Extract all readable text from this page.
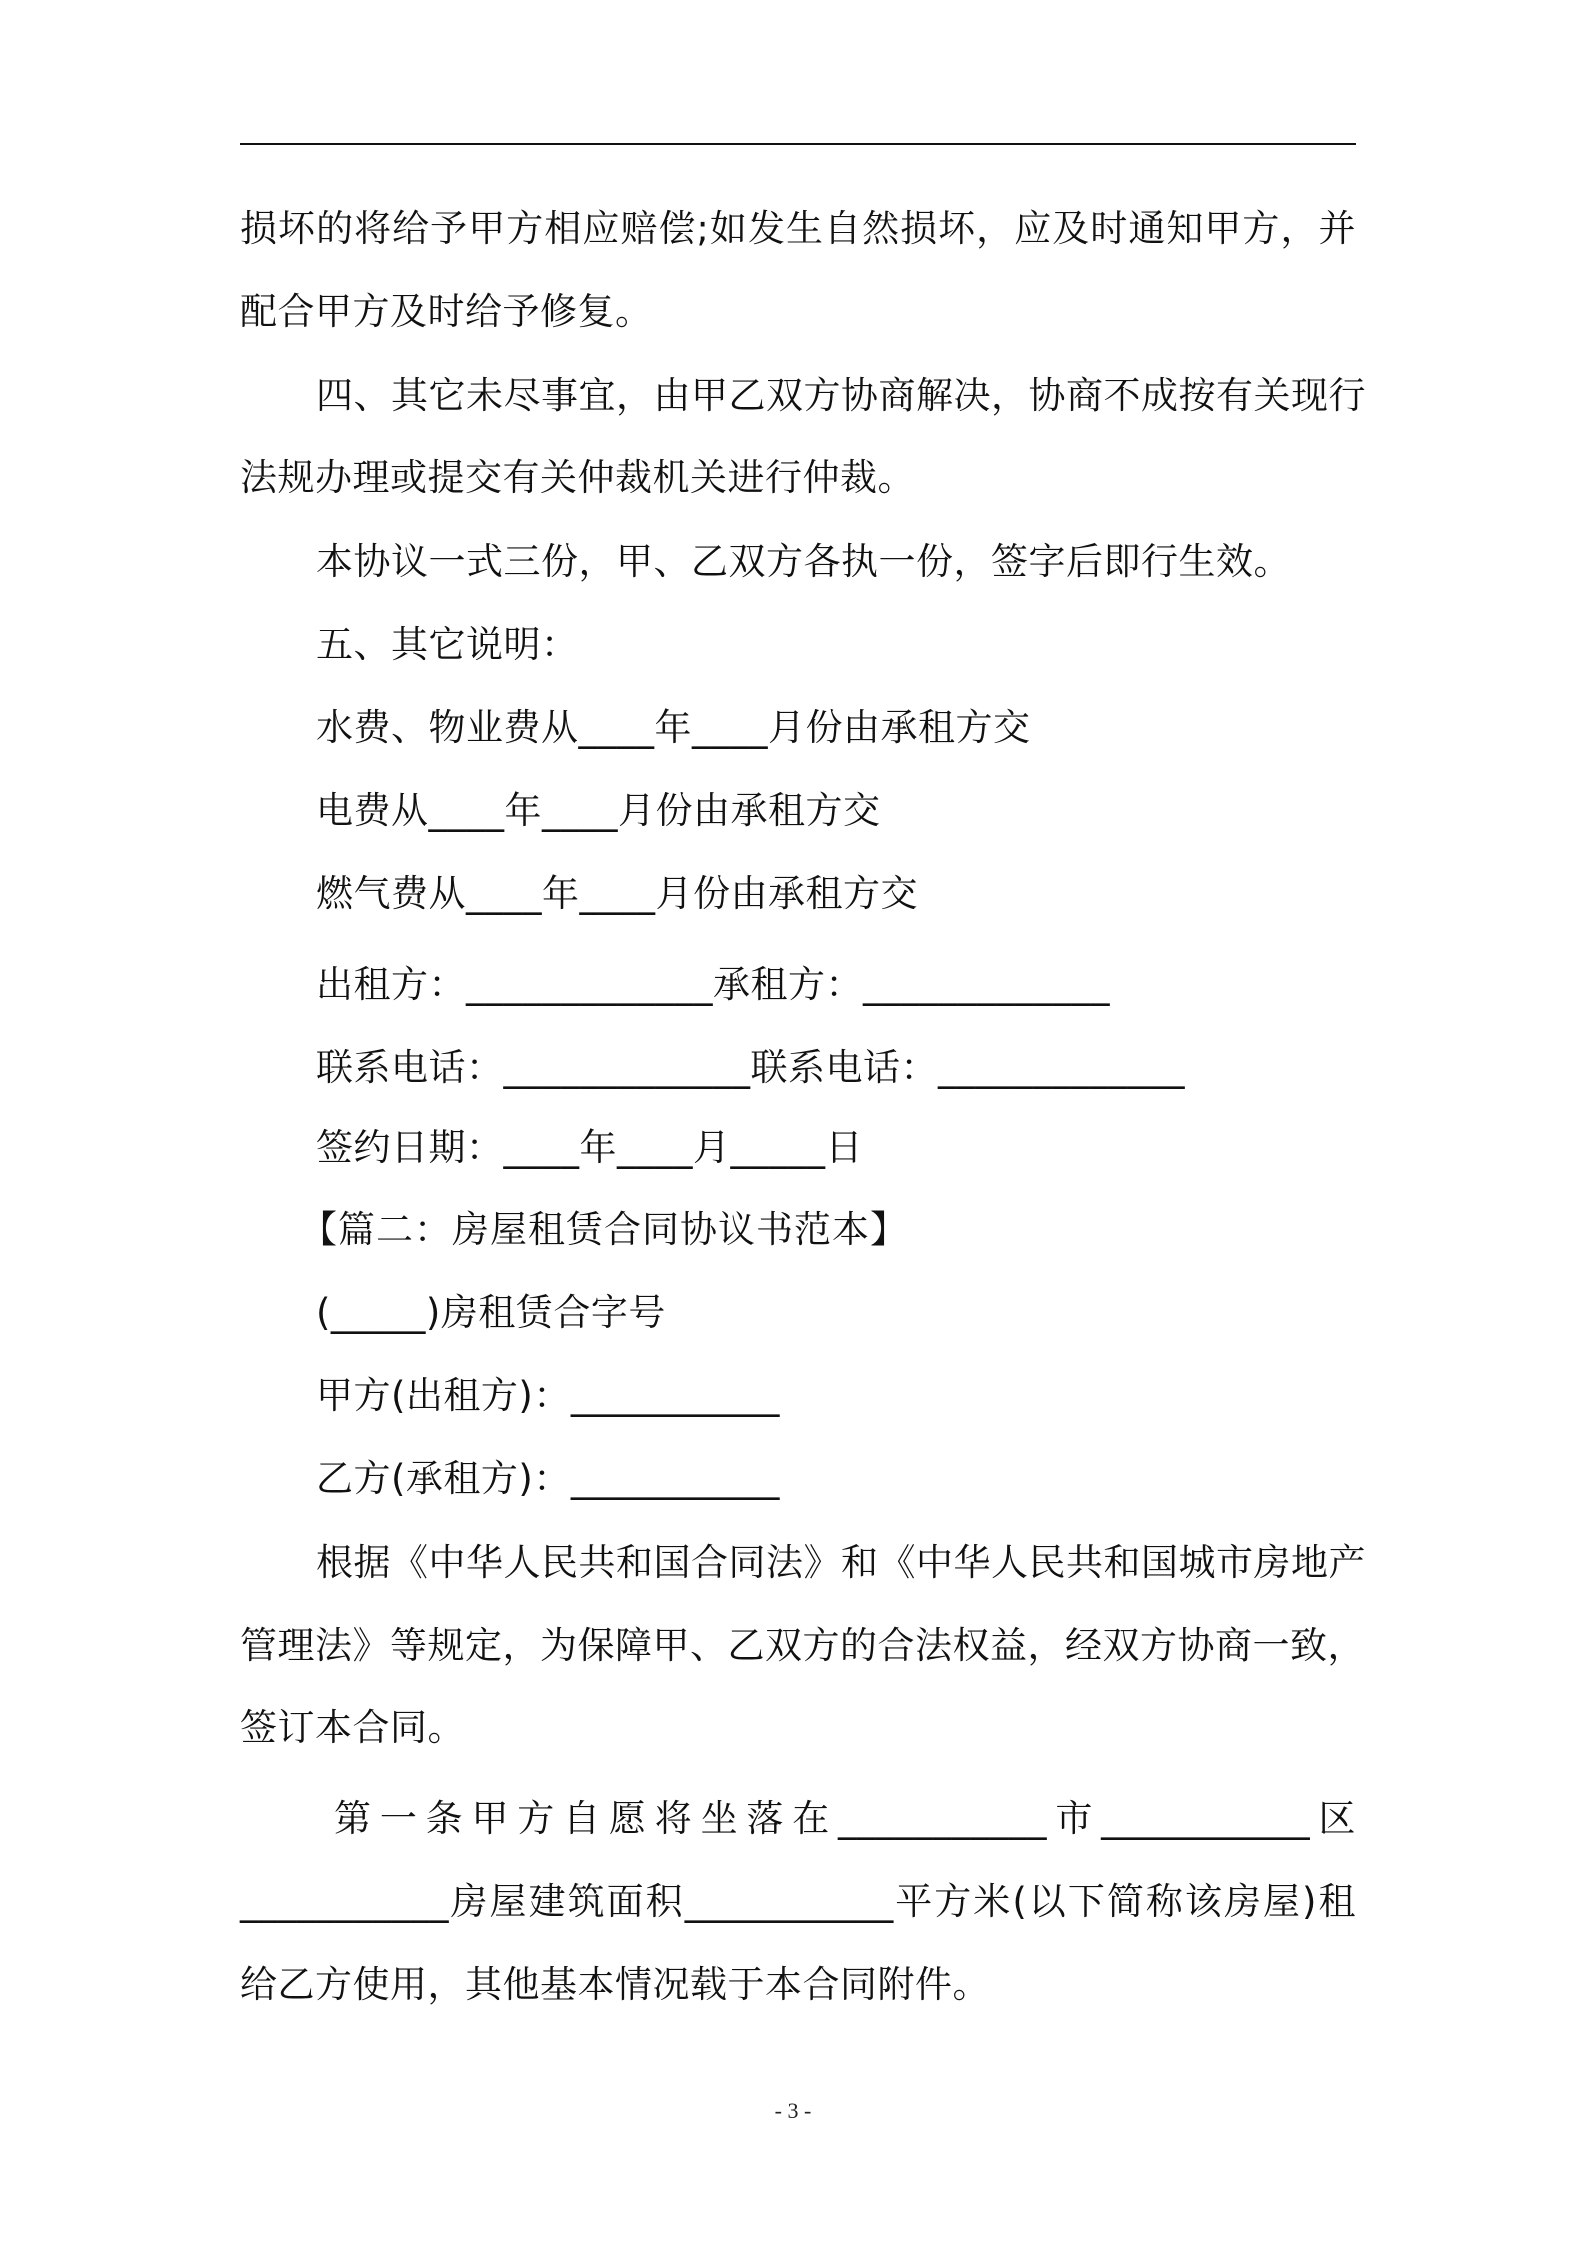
损坏的将给予甲方相应赔偿;如发生自然损坏，应及时通知甲方，并
配合甲方及时给予修复。
四、其它未尽事宜，由甲乙双方协商解决，协商不成按有关现行
法规办理或提交有关仲裁机关进行仲裁。
本协议一式三份，甲、乙双方各执一份，签字后即行生效。
五、其它说明：
水费、物业费从____年____月份由承租方交
电费从____年____月份由承租方交
燃气费从____年____月份由承租方交
出租方：_____________承租方：_____________
联系电话：_____________联系电话：_____________
签约日期：____年____月_____日
【篇二：房屋租赁合同协议书范本】
(_____)房租赁合字号
甲方(出租方)：___________
乙方(承租方)：___________
根据《中华人民共和国合同法》和《中华人民共和国城市房地产
管理法》等规定，为保障甲、乙双方的合法权益，经双方协商一致，
签订本合同。
第一条甲方自愿将坐落在___________市___________区
___________房屋建筑面积___________平方米(以下简称该房屋)租
给乙方使用，其他基本情况载于本合同附件。
- 3 -
